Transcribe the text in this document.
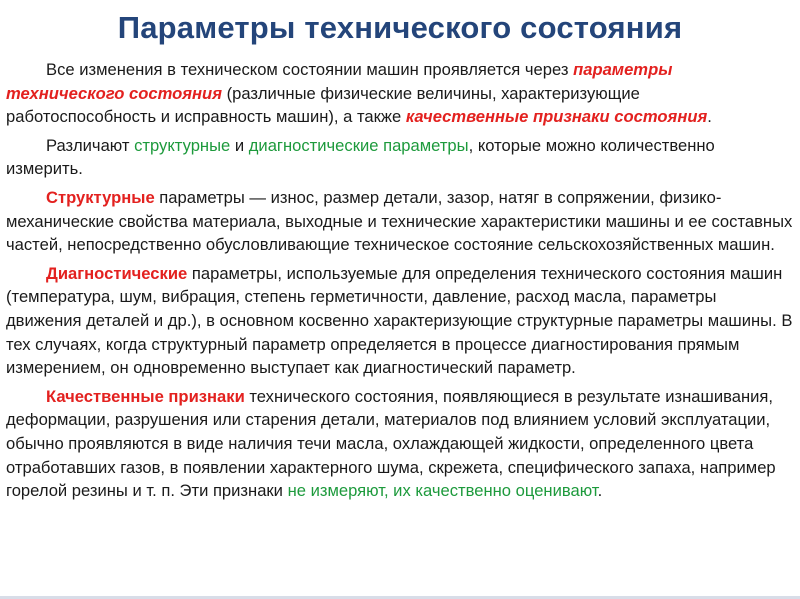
Параметры технического состояния

Все изменения в техническом состоянии машин проявляется через параметры технического состояния (различные физические величины, характеризующие работоспособность и исправность машин), а также качественные признаки состояния.

Различают структурные и диагностические параметры, которые можно количественно измерить.

Структурные параметры — износ, размер детали, зазор, натяг в сопряжении, физико-механические свойства материала, выходные и технические характеристики машины и ее составных частей, непосредственно обусловливающие техническое состояние сельскохозяйственных машин.

Диагностические параметры, используемые для определения технического состояния машин (температура, шум, вибрация, степень герметичности, давление, расход масла, параметры движения деталей и др.), в основном косвенно характеризующие структурные параметры машины. В тех случаях, когда структурный параметр определяется в процессе диагностирования прямым измерением, он одновременно выступает как диагностический параметр.

Качественные признаки технического состояния, появляющиеся в результате изнашивания, деформации, разрушения или старения детали, материалов под влиянием условий эксплуатации, обычно проявляются в виде наличия течи масла, охлаждающей жидкости, определенного цвета отработавших газов, в появлении характерного шума, скрежета, специфического запаха, например горелой резины и т. п. Эти признаки не измеряют, их качественно оценивают.
